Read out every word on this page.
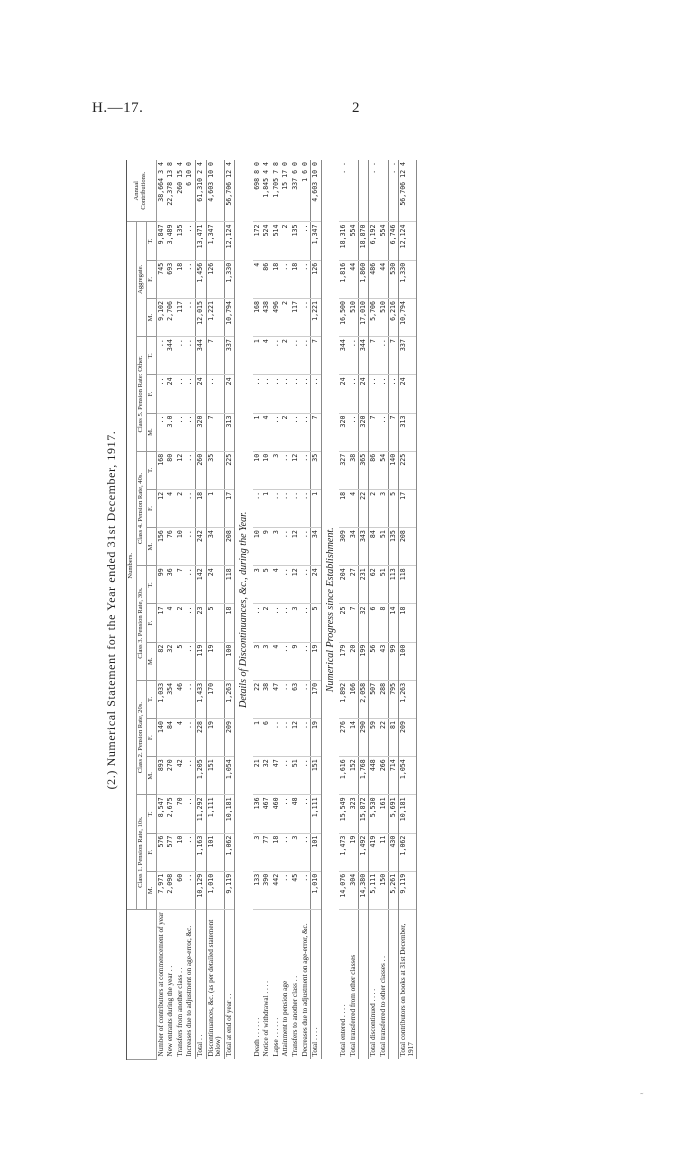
H.—17.	2
(2.) Numerical Statement for the Year ended 31st December, 1917.
	Numbers.																		Annual Contributions.

	Class 1. Pension Rate, 10s.			Class 2. Pension Rate, 20s.			Class 3. Pension Rate, 30s.			Class 4. Pension Rate, 40s.			Class 5. Pension Rate: Other.			Aggregate.			
	M.	F.	T.	M.	F.	T.	M.	F.	T.	M.	F.	T.	M.	F.	T.	M.	F.	T.	
Number of contributors at commencement of year	7,971	576	8,547	893	140	1,033	82	17	99	156	12	168	..	..	..	9,102	745	9,847	38,664 3 4
New entrants during the year . .	2,098	577	2,675	270	84	354	32	4	36	76	4	80	3.0	24	344	2,706	693	3,489	22,378 13 8
Transfers from another class . .	60	10	70	42	4	46	5	2	7	10	2	12	..	..	..	117	18	135	260 15 4
Increases due to adjustment on age-error, &c.	..	..	..	..	..	..	..	..	..	..	..	..	..	..	..	..	..	..	6 10 0
Total . .	10,129	1,163	11,292	1,205	228	1,433	119	23	142	242	18	260	320	24	344	12,015	1,456	13,471	61,310 2 4
Discontinuances, &c. (as per detailed statement below)	1,010	101	1,111	151	19	170	19	5	24	34	1	35	7	..	7	1,221	126	1,347	4,603 10 0
Total at end of year . .	9,119	1,062	10,181	1,054	209	1,263	100	18	118	208	17	225	313	24	337	10,794	1,330	12,124	56,706 12 4
Details of Discontinuances, &c., during the Year.																			
Death . . . . . .	133	3	136	21	1	22	3	..	3	10	..	10	1	..	1	168	4	172	698 8 0
Notice of withdrawal . . . .	390	77	467	32	6	38	3	2	5	9	1	10	4	..	4	438	86	524	1,845 4 4
Lapse . . . . . .	442	18	460	47	..	47	4	..	4	3	..	3	..	..	..	496	18	514	1,705 7 8
Attainment to pension age	..	..	..	..	..	..	..	..	..	..	..	..	2	..	2	2	..	2	15 17 0
Transfers to another class . .	45	3	48	51	12	63	9	3	12	12	..	12	..	..	..	117	18	135	337 6 0
Decreases due to adjustment on age-error, &c.	..	..	..	..	..	..	..	..	..	..	..	..	..	..	..	..	..	..	1 6 0
Total . . . .	1,010	101	1,111	151	19	170	19	5	24	34	1	35	7	..	7	1,221	126	1,347	4,603 10 0
Numerical Progress since Establishment.																			
Total entered . . . .	14,076	1,473	15,549	1,616	276	1,892	179	25	204	309	18	327	320	24	344	16,500	1,816	18,316	. .
Total transferred from other classes	304	19	323	152	14	166	20	7	27	34	4	38	..	..	..	510	44	554	
	14,380	1,492	15,872	1,768	290	2,058	199	32	231	343	22	365	320	24	344	17,010	1,860	18,870	
Total discontinued . . . .	5,111	419	5,530	448	59	507	56	6	62	84	2	86	7	..	7	5,706	486	6,192	. .
Total transferred to other classes . .	150	11	161	266	22	288	43	8	51	51	3	54	..	..	..	510	44	554	
	5,261	430	5,691	714	81	795	99	14	113	135	5	140	7	..	7	6,216	530	6,746	. .
Total contributors on books at 31st December, 1917	9,119	1,062	10,181	1,054	209	1,263	100	18	118	208	17	225	313	24	337	10,794	1,330	12,124	56,706 12 4
˜
